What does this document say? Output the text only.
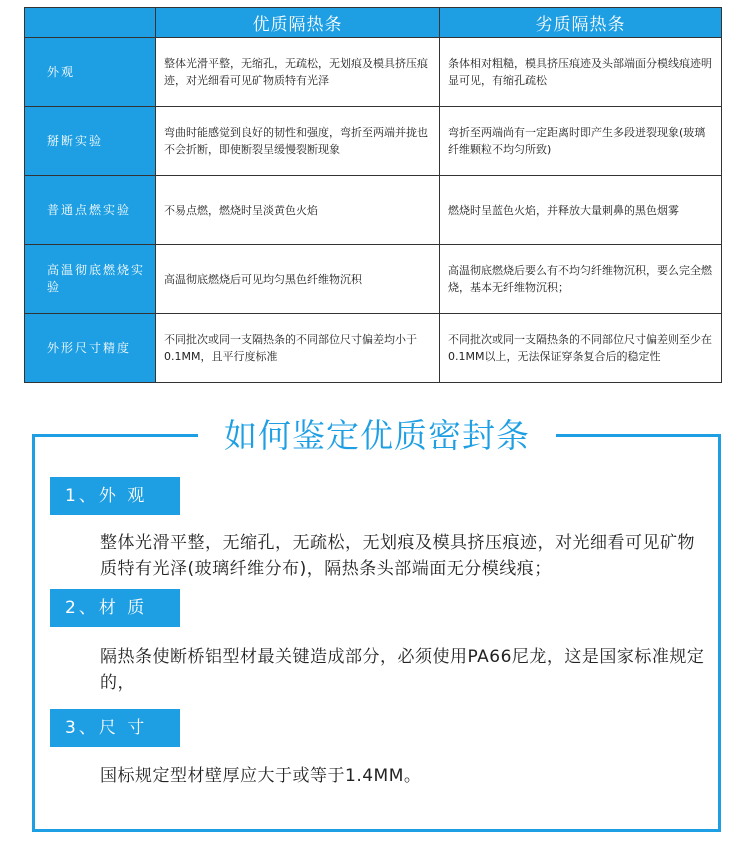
	优质隔热条	劣质隔热条
外观	整体光滑平整，无缩孔，无疏松，无划痕及模具挤压痕迹，对光细看可见矿物质特有光泽	条体相对粗糙，模具挤压痕迹及头部端面分模线痕迹明显可见，有缩孔疏松
掰断实验	弯曲时能感觉到良好的韧性和强度，弯折至两端并拢也不会折断，即使断裂呈缓慢裂断现象	弯折至两端尚有一定距离时即产生多段迸裂现象(玻璃纤维颗粒不均匀所致)
普通点燃实验	不易点燃，燃烧时呈淡黄色火焰	燃烧时呈蓝色火焰，并释放大量刺鼻的黑色烟雾
高温彻底燃烧实验	高温彻底燃烧后可见均匀黑色纤维物沉积	高温彻底燃烧后要么有不均匀纤维物沉积，要么完全燃烧，基本无纤维物沉积；
外形尺寸精度	不同批次或同一支隔热条的不同部位尺寸偏差均小于0.1MM，且平行度标准	不同批次或同一支隔热条的不同部位尺寸偏差则至少在0.1MM以上，无法保证穿条复合后的稳定性
如何鉴定优质密封条
1、外 观
整体光滑平整，无缩孔，无疏松，无划痕及模具挤压痕迹，对光细看可见矿物质特有光泽(玻璃纤维分布)，隔热条头部端面无分模线痕；
2、材 质
隔热条使断桥铝型材最关键造成部分，必须使用PA66尼龙，这是国家标准规定的，
3、尺 寸
国标规定型材壁厚应大于或等于1.4MM。
